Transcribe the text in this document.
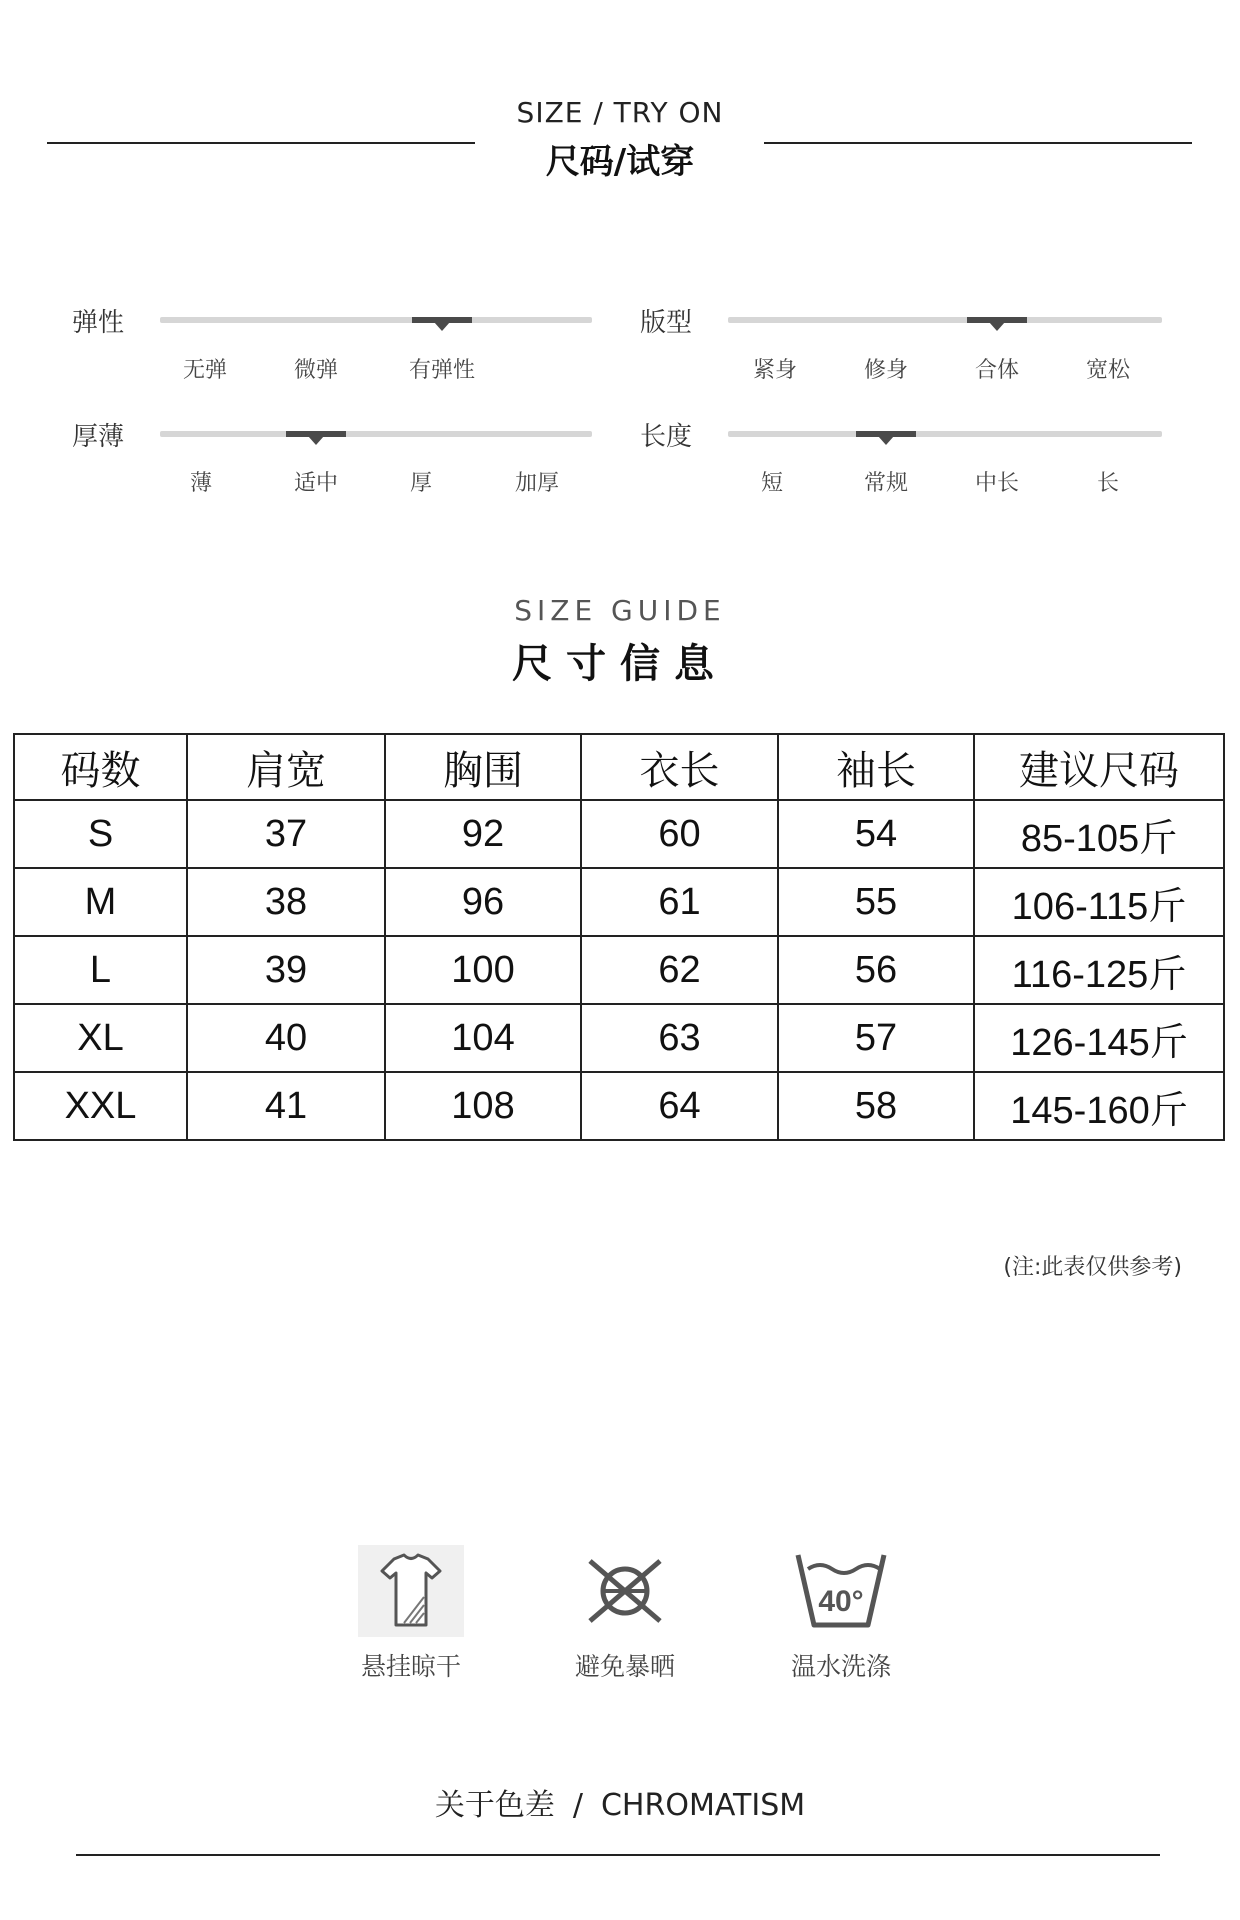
SIZE / TRY ON
尺码/试穿
弹性
无弹	微弹	有弹性
版型
紧身	修身	合体	宽松
厚薄
薄	适中	厚	加厚
长度
短	常规	中长	长
SIZE GUIDE
尺寸信息
码数	肩宽	胸围	衣长	袖长	建议尺码
S	37	92	60	54	85-105斤
M	38	96	61	55	106-115斤
L	39	100	62	56	116-125斤
XL	40	104	63	57	126-145斤
XXL	41	108	64	58	145-160斤
(注:此表仅供参考)
悬挂晾干	避免暴晒
40°
温水洗涤
关于色差 / CHROMATISM
